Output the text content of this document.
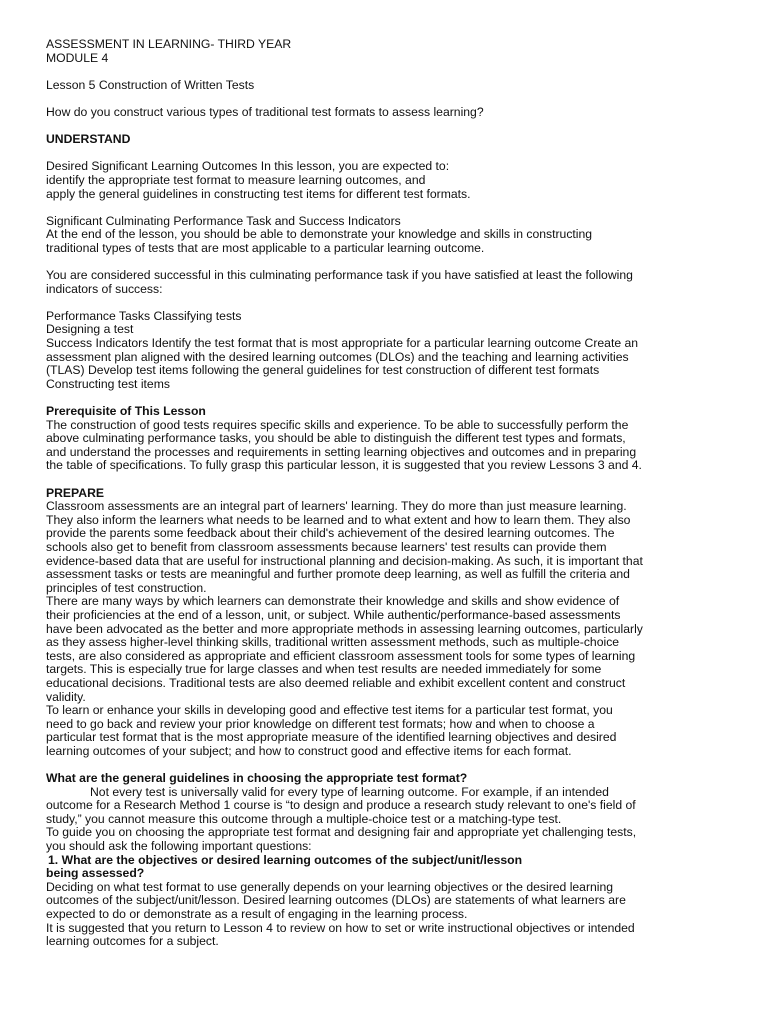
ASSESSMENT IN LEARNING- THIRD YEAR
MODULE 4
Lesson 5 Construction of Written Tests
How do you construct various types of traditional test formats to assess learning?
UNDERSTAND
Desired Significant Learning Outcomes In this lesson, you are expected to:
identify the appropriate test format to measure learning outcomes, and
apply the general guidelines in constructing test items for different test formats.
Significant Culminating Performance Task and Success Indicators
At the end of the lesson, you should be able to demonstrate your knowledge and skills in constructing
traditional types of tests that are most applicable to a particular learning outcome.
You are considered successful in this culminating performance task if you have satisfied at least the following
indicators of success:
Performance Tasks Classifying tests
Designing a test
Success Indicators Identify the test format that is most appropriate for a particular learning outcome Create an
assessment plan aligned with the desired learning outcomes (DLOs) and the teaching and learning activities
(TLAS) Develop test items following the general guidelines for test construction of different test formats
Constructing test items
Prerequisite of This Lesson
The construction of good tests requires specific skills and experience. To be able to successfully perform the
above culminating performance tasks, you should be able to distinguish the different test types and formats,
and understand the processes and requirements in setting learning objectives and outcomes and in preparing
the table of specifications. To fully grasp this particular lesson, it is suggested that you review Lessons 3 and 4.
PREPARE
Classroom assessments are an integral part of learners' learning. They do more than just measure learning.
They also inform the learners what needs to be learned and to what extent and how to learn them. They also
provide the parents some feedback about their child's achievement of the desired learning outcomes. The
schools also get to benefit from classroom assessments because learners' test results can provide them
evidence-based data that are useful for instructional planning and decision-making. As such, it is important that
assessment tasks or tests are meaningful and further promote deep learning, as well as fulfill the criteria and
principles of test construction.
There are many ways by which learners can demonstrate their knowledge and skills and show evidence of
their proficiencies at the end of a lesson, unit, or subject. While authentic/performance-based assessments
have been advocated as the better and more appropriate methods in assessing learning outcomes, particularly
as they assess higher-level thinking skills, traditional written assessment methods, such as multiple-choice
tests, are also considered as appropriate and efficient classroom assessment tools for some types of learning
targets. This is especially true for large classes and when test results are needed immediately for some
educational decisions. Traditional tests are also deemed reliable and exhibit excellent content and construct
validity.
To learn or enhance your skills in developing good and effective test items for a particular test format, you
need to go back and review your prior knowledge on different test formats; how and when to choose a
particular test format that is the most appropriate measure of the identified learning objectives and desired
learning outcomes of your subject; and how to construct good and effective items for each format.
What are the general guidelines in choosing the appropriate test format?
Not every test is universally valid for every type of learning outcome. For example, if an intended
outcome for a Research Method 1 course is “to design and produce a research study relevant to one's field of
study,” you cannot measure this outcome through a multiple-choice test or a matching-type test.
To guide you on choosing the appropriate test format and designing fair and appropriate yet challenging tests,
you should ask the following important questions:
1. What are the objectives or desired learning outcomes of the subject/unit/lesson
being assessed?
Deciding on what test format to use generally depends on your learning objectives or the desired learning
outcomes of the subject/unit/lesson. Desired learning outcomes (DLOs) are statements of what learners are
expected to do or demonstrate as a result of engaging in the learning process.
It is suggested that you return to Lesson 4 to review on how to set or write instructional objectives or intended
learning outcomes for a subject.
